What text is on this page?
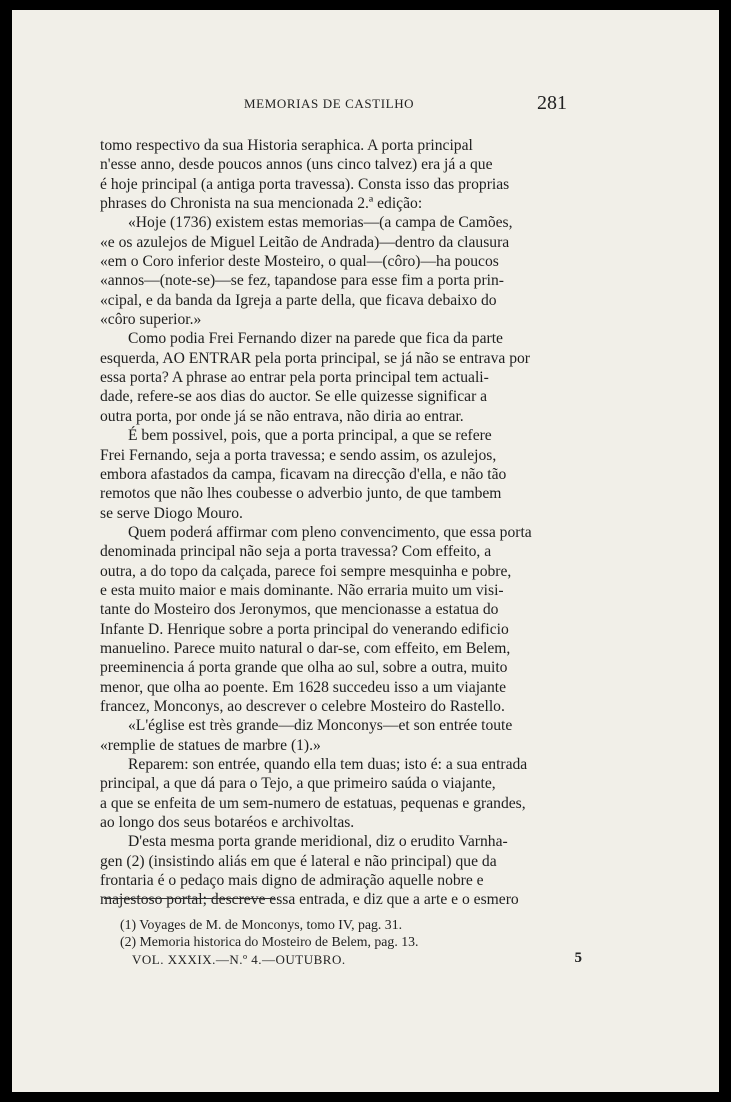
MEMORIAS DE CASTILHO	281

tomo respectivo da sua Historia seraphica. A porta principal
n'esse anno, desde poucos annos (uns cinco talvez) era já a que
é hoje principal (a antiga porta travessa). Consta isso das proprias
phrases do Chronista na sua mencionada 2.ª edição:

«Hoje (1736) existem estas memorias—(a campa de Camões,
«e os azulejos de Miguel Leitão de Andrada)—dentro da clausura
«em o Coro inferior deste Mosteiro, o qual—(côro)—ha poucos
«annos—(note-se)—se fez, tapandose para esse fim a porta prin-
«cipal, e da banda da Igreja a parte della, que ficava debaixo do
«côro superior.»

Como podia Frei Fernando dizer na parede que fica da parte
esquerda, AO ENTRAR pela porta principal, se já não se entrava por
essa porta? A phrase ao entrar pela porta principal tem actuali-
dade, refere-se aos dias do auctor. Se elle quizesse significar a
outra porta, por onde já se não entrava, não diria ao entrar.

É bem possivel, pois, que a porta principal, a que se refere
Frei Fernando, seja a porta travessa; e sendo assim, os azulejos,
embora afastados da campa, ficavam na direcção d'ella, e não tão
remotos que não lhes coubesse o adverbio junto, de que tambem
se serve Diogo Mouro.

Quem poderá affirmar com pleno convencimento, que essa porta
denominada principal não seja a porta travessa? Com effeito, a
outra, a do topo da calçada, parece foi sempre mesquinha e pobre,
e esta muito maior e mais dominante. Não erraria muito um visi-
tante do Mosteiro dos Jeronymos, que mencionasse a estatua do
Infante D. Henrique sobre a porta principal do venerando edificio
manuelino. Parece muito natural o dar-se, com effeito, em Belem,
preeminencia á porta grande que olha ao sul, sobre a outra, muito
menor, que olha ao poente. Em 1628 succedeu isso a um viajante
francez, Monconys, ao descrever o celebre Mosteiro do Rastello.

«L'église est très grande—diz Monconys—et son entrée toute
«remplie de statues de marbre (1).»

Reparem: son entrée, quando ella tem duas; isto é: a sua entrada
principal, a que dá para o Tejo, a que primeiro saúda o viajante,
a que se enfeita de um sem-numero de estatuas, pequenas e grandes,
ao longo dos seus botaréos e archivoltas.

D'esta mesma porta grande meridional, diz o erudito Varnha-
gen (2) (insistindo aliás em que é lateral e não principal) que da
frontaria é o pedaço mais digno de admiração aquelle nobre e
majestoso portal; descreve essa entrada, e diz que a arte e o esmero

(1) Voyages de M. de Monconys, tomo IV, pag. 31.
(2) Memoria historica do Mosteiro de Belem, pag. 13.
VOL. XXXIX.—N.º 4.—OUTUBRO.	5
